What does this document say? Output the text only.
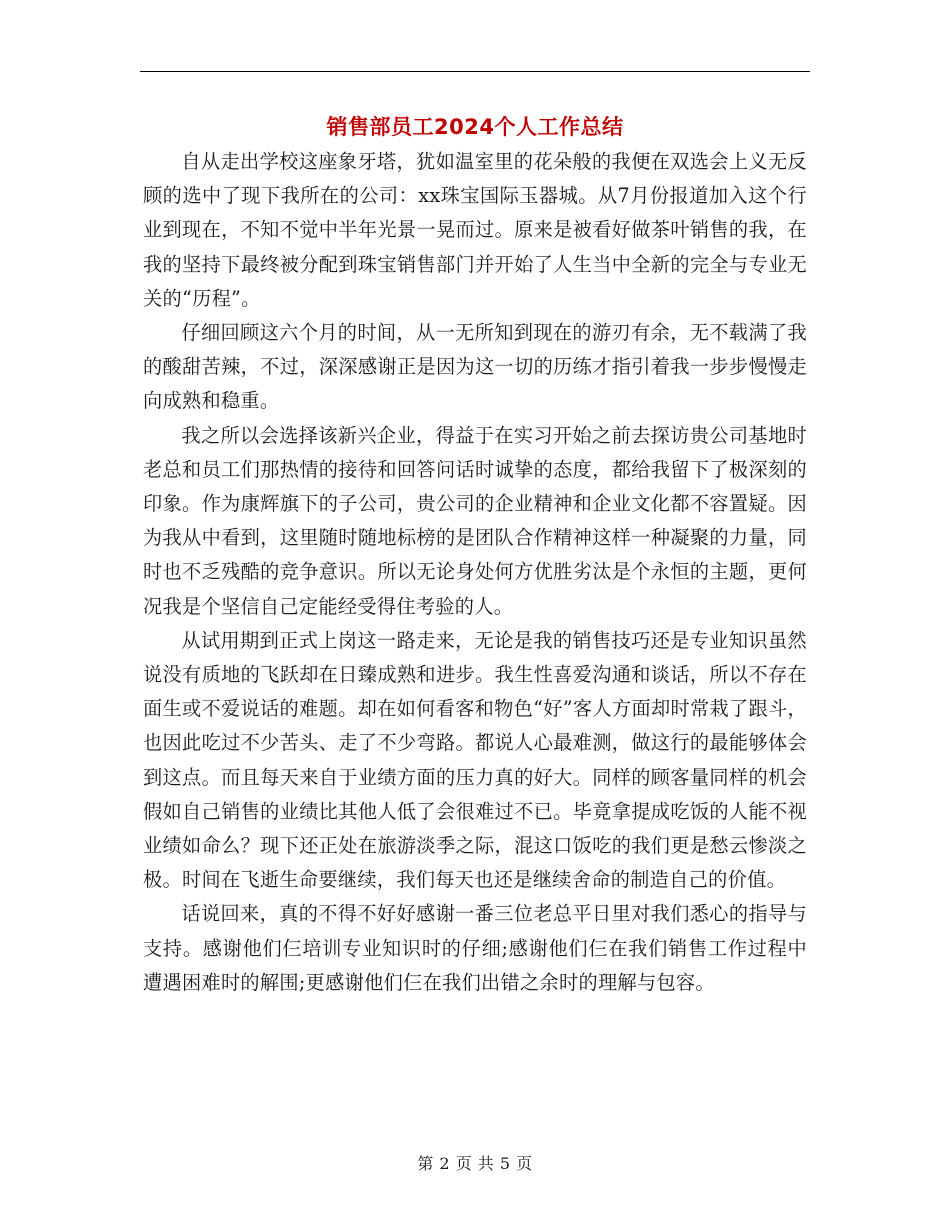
销售部员工2024个人工作总结

自从走出学校这座象牙塔，犹如温室里的花朵般的我便在双选会上义无反顾的选中了现下我所在的公司：xx珠宝国际玉器城。从7月份报道加入这个行业到现在，不知不觉中半年光景一晃而过。原来是被看好做茶叶销售的我，在我的坚持下最终被分配到珠宝销售部门并开始了人生当中全新的完全与专业无关的“历程”。

仔细回顾这六个月的时间，从一无所知到现在的游刃有余，无不载满了我的酸甜苦辣，不过，深深感谢正是因为这一切的历练才指引着我一步步慢慢走向成熟和稳重。

我之所以会选择该新兴企业，得益于在实习开始之前去探访贵公司基地时老总和员工们那热情的接待和回答问话时诚挚的态度，都给我留下了极深刻的印象。作为康辉旗下的子公司，贵公司的企业精神和企业文化都不容置疑。因为我从中看到，这里随时随地标榜的是团队合作精神这样一种凝聚的力量，同时也不乏残酷的竞争意识。所以无论身处何方优胜劣汰是个永恒的主题，更何况我是个坚信自己定能经受得住考验的人。

从试用期到正式上岗这一路走来，无论是我的销售技巧还是专业知识虽然说没有质地的飞跃却在日臻成熟和进步。我生性喜爱沟通和谈话，所以不存在面生或不爱说话的难题。却在如何看客和物色“好”客人方面却时常栽了跟斗，也因此吃过不少苦头、走了不少弯路。都说人心最难测，做这行的最能够体会到这点。而且每天来自于业绩方面的压力真的好大。同样的顾客量同样的机会假如自己销售的业绩比其他人低了会很难过不已。毕竟拿提成吃饭的人能不视业绩如命么？现下还正处在旅游淡季之际，混这口饭吃的我们更是愁云惨淡之极。时间在飞逝生命要继续，我们每天也还是继续舍命的制造自己的价值。

话说回来，真的不得不好好感谢一番三位老总平日里对我们悉心的指导与支持。感谢他们仨培训专业知识时的仔细;感谢他们仨在我们销售工作过程中遭遇困难时的解围;更感谢他们仨在我们出错之余时的理解与包容。

第 2 页 共 5 页
